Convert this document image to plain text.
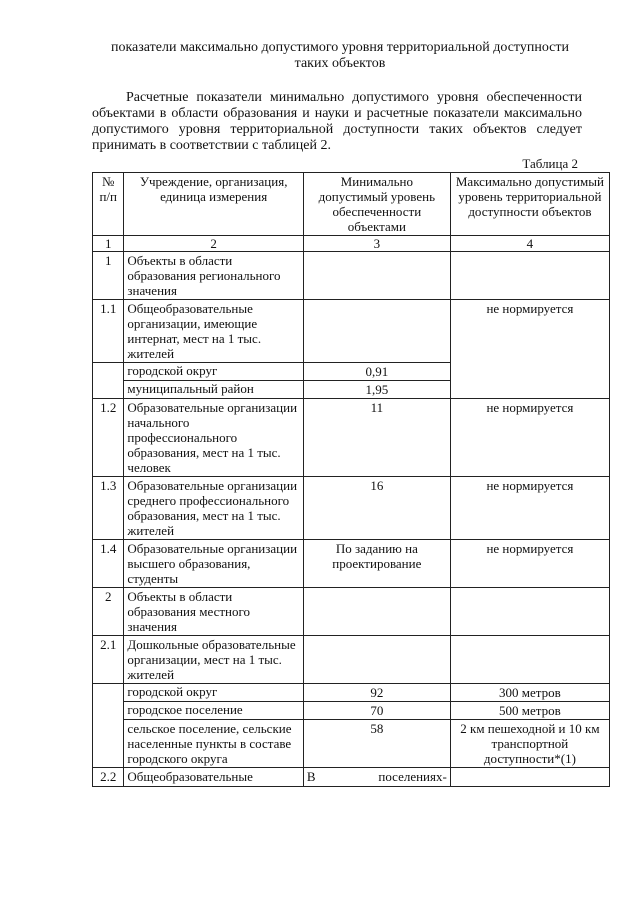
показатели максимально допустимого уровня территориальной доступности
таких объектов

Расчетные показатели минимально допустимого уровня обеспеченности объектами в области образования и науки и расчетные показатели максимально допустимого уровня территориальной доступности таких объектов следует принимать в соответствии с таблицей 2.

Таблица 2
№ п/п	Учреждение, организация, единица измерения	Минимально допустимый уровень обеспеченности объектами	Максимально допустимый уровень территориальной доступности объектов
1	2	3	4
1	Объекты в области образования регионального значения		
1.1	Общеобразовательные организации, имеющие интернат, мест на 1 тыс. жителей		не нормируется
	городской округ	0,91	
	муниципальный район	1,95	
1.2	Образовательные организации начального профессионального образования, мест на 1 тыс. человек	11	не нормируется
1.3	Образовательные организации среднего профессионального образования, мест на 1 тыс. жителей	16	не нормируется
1.4	Образовательные организации высшего образования, студенты	По заданию на проектирование	не нормируется
2	Объекты в области образования местного значения		
2.1	Дошкольные образовательные организации, мест на 1 тыс. жителей		
	городской округ	92	300 метров
	городское поселение	70	500 метров
	сельское поселение, сельские населенные пункты в составе городского округа	58	2 км пешеходной и 10 км транспортной доступности*(1)
2.2	Общеобразовательные	В поселениях-	
